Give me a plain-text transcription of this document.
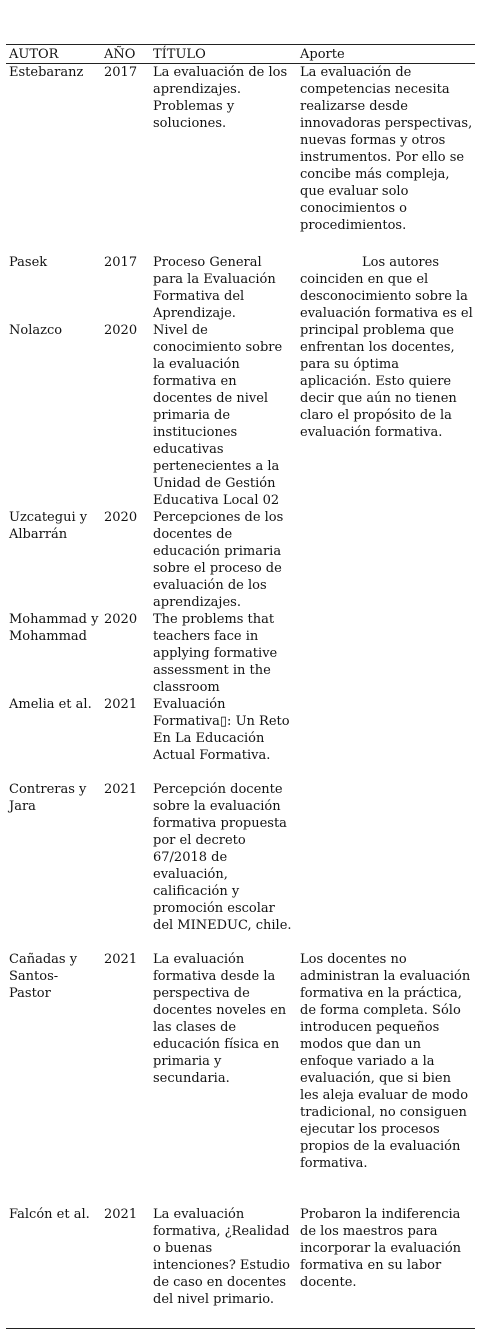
AUTOR	AÑO	TÍTULO	Aporte
Estebaranz	2017	La evaluación de los aprendizajes. Problemas y soluciones.	La evaluación de competencias necesita realizarse desde innovadoras perspectivas, nuevas formas y otros instrumentos. Por ello se concibe más compleja, que evaluar solo conocimientos o procedimientos.
Pasek	2017	Proceso General para la Evaluación Formativa del Aprendizaje.	Los autores coinciden en que el desconocimiento sobre la evaluación formativa es el principal problema que enfrentan los docentes, para su óptima aplicación. Esto quiere decir que aún no tienen claro el propósito de la evaluación formativa.
Nolazco	2020	Nivel de conocimiento sobre la evaluación formativa en docentes de nivel primaria de instituciones educativas pertenecientes a la Unidad de Gestión Educativa Local 02	
Uzcategui y Albarrán	2020	Percepciones de los docentes de educación primaria sobre el proceso de evaluación de los aprendizajes.	
Mohammad y Mohammad	2020	The problems that teachers face in applying formative assessment in the classroom	
Amelia et al.	2021	Evaluación Formativa▯: Un Reto En La Educación Actual Formativa.	
Contreras y Jara	2021	Percepción docente sobre la evaluación formativa propuesta por el decreto 67/2018 de evaluación, calificación y promoción escolar del MINEDUC, chile.	
Cañadas y Santos-Pastor	2021	La evaluación formativa desde la perspectiva de docentes noveles en las clases de educación física en primaria y secundaria.	Los docentes no administran la evaluación formativa en la práctica, de forma completa. Sólo introducen pequeños modos que dan un enfoque variado a la evaluación, que si bien les aleja evaluar de modo tradicional, no consiguen ejecutar los procesos propios de la evaluación formativa.
Falcón et al.	2021	La evaluación formativa, ¿Realidad o buenas intenciones? Estudio de caso en docentes del nivel primario.	Probaron la indiferencia de los maestros para incorporar la evaluación formativa en su labor docente.
